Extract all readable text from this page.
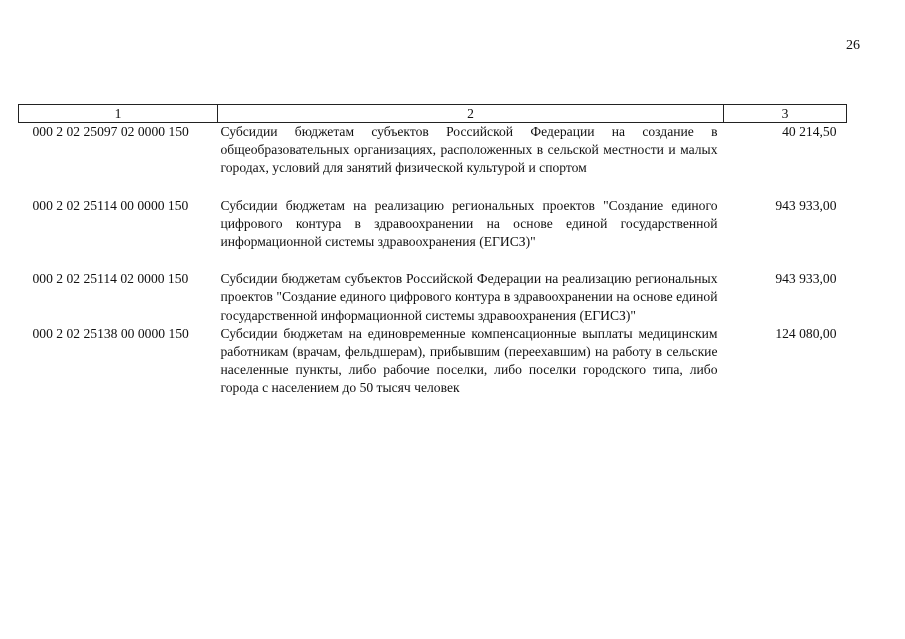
26
1	2	3
000 2 02 25097 02 0000 150	Субсидии бюджетам субъектов Российской Федерации на создание в общеобразовательных организациях, расположенных в сельской местности и малых городах, условий для занятий физической культурой и спортом	40 214,50
000 2 02 25114 00 0000 150	Субсидии бюджетам на реализацию региональных проектов "Создание единого цифрового контура в здравоохранении на основе единой государственной информационной системы здравоохранения (ЕГИСЗ)"	943 933,00
000 2 02 25114 02 0000 150	Субсидии бюджетам субъектов Российской Федерации на реализацию региональных проектов "Создание единого цифрового контура в здравоохранении на основе единой государственной информационной системы здравоохранения (ЕГИСЗ)"	943 933,00
000 2 02 25138 00 0000 150	Субсидии бюджетам на единовременные компенсационные выплаты медицинским работникам (врачам, фельдшерам), прибывшим (переехавшим) на работу в сельские населенные пункты, либо рабочие поселки, либо поселки городского типа, либо города с населением до 50 тысяч человек	124 080,00
